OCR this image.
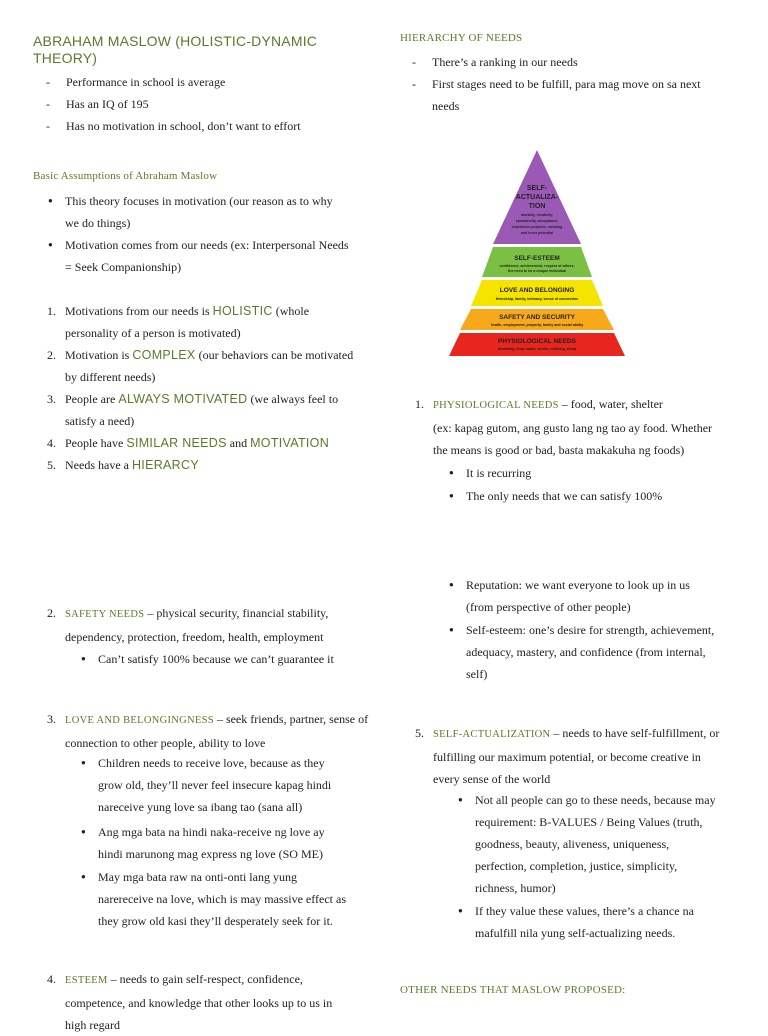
ABRAHAM MASLOW (HOLISTIC-DYNAMIC
THEORY)
- Performance in school is average
- Has an IQ of 195
- Has no motivation in school, don’t want to effort
Basic Assumptions of Abraham Maslow
● This theory focuses in motivation (our reason as to why
we do things)
● Motivation comes from our needs (ex: Interpersonal Needs
= Seek Companionship)
1. Motivations from our needs is HOLISTIC (whole
personality of a person is motivated)
2. Motivation is COMPLEX (our behaviors can be motivated
by different needs)
3. People are ALWAYS MOTIVATED (we always feel to
satisfy a need)
4. People have SIMILAR NEEDS and MOTIVATION
5. Needs have a HIERARCY
2. SAFETY NEEDS – physical security, financial stability,
dependency, protection, freedom, health, employment
● Can’t satisfy 100% because we can’t guarantee it
3. LOVE AND BELONGINGNESS – seek friends, partner, sense of
connection to other people, ability to love
● Children needs to receive love, because as they
grow old, they’ll never feel insecure kapag hindi
nareceive yung love sa ibang tao (sana all)
● Ang mga bata na hindi naka-receive ng love ay
hindi marunong mag express ng love (SO ME)
● May mga bata raw na onti-onti lang yung
narereceive na love, which is may massive effect as
they grow old kasi they’ll desperately seek for it.
4. ESTEEM – needs to gain self-respect, confidence,
competence, and knowledge that other looks up to us in
high regard
HIERARCHY OF NEEDS
- There’s a ranking in our needs
- First stages need to be fulfill, para mag move on sa next
needs
SELF-
ACTUALIZA-
TION
morality, creativity,
spontaneity, acceptance,
experience purpose, meaning
and inner potential
SELF-ESTEEM
confidence, achievement, respect of others,
the need to be a unique individual
LOVE AND BELONGING
friendship, family, intimacy, sense of connection
SAFETY AND SECURITY
health, employment, property, family and social ability
PHYSIOLOGICAL NEEDS
breathing, food, water, shelter, clothing, sleep
1. PHYSIOLOGICAL NEEDS – food, water, shelter
(ex: kapag gutom, ang gusto lang ng tao ay food. Whether
the means is good or bad, basta makakuha ng foods)
● It is recurring
● The only needs that we can satisfy 100%
● Reputation: we want everyone to look up in us
(from perspective of other people)
● Self-esteem: one’s desire for strength, achievement,
adequacy, mastery, and confidence (from internal,
self)
5. SELF-ACTUALIZATION – needs to have self-fulfillment, or
fulfilling our maximum potential, or become creative in
every sense of the world
● Not all people can go to these needs, because may
requirement: B-VALUES / Being Values (truth,
goodness, beauty, aliveness, uniqueness,
perfection, completion, justice, simplicity,
richness, humor)
● If they value these values, there’s a chance na
mafulfill nila yung self-actualizing needs.
OTHER NEEDS THAT MASLOW PROPOSED:
